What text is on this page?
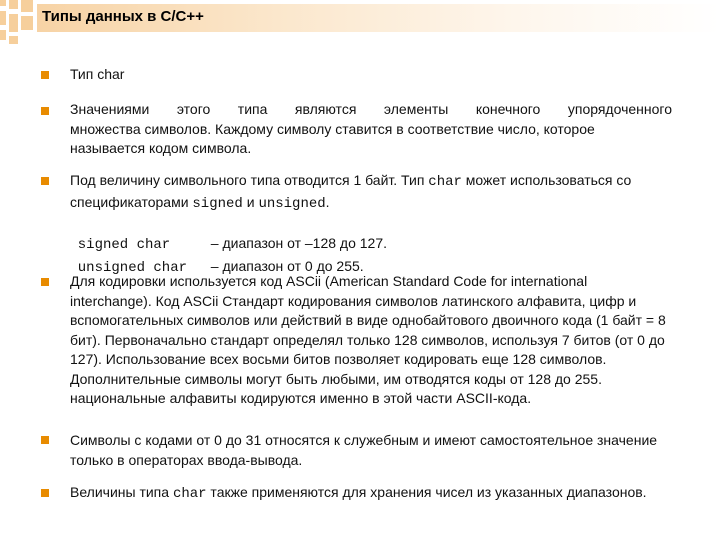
Типы данных в C/C++
Тип char
Значениями этого типа являются элементы конечного упорядоченного
множества символов. Каждому символу ставится в соответствие число, которое называется кодом символа.
Под величину символьного типа отводится 1 байт. Тип char может использоваться со спецификаторами signed и unsigned.

signed char	– диапазон от –128 до 127.

unsigned char – диапазон от 0 до 255.

Для кодировки используется код ASCii (American Standard Code for international interchange). Код ASCii Стандарт кодирования символов латинского алфавита, цифр и вспомогательных символов или действий в виде однобайтового двоичного кода (1 байт = 8 бит). Первоначально стандарт определял только 128 символов, используя 7 битов (от 0 до 127). Использование всех восьми битов позволяет кодировать еще 128 символов. Дополнительные символы могут быть любыми, им отводятся коды от 128 до 255. национальные алфавиты кодируются именно в этой части ASCII-кода.
Символы с кодами от 0 до 31 относятся к служебным и имеют самостоятельное значение только в операторах ввода-вывода.
Величины типа char также применяются для хранения чисел из указанных диапазонов.
